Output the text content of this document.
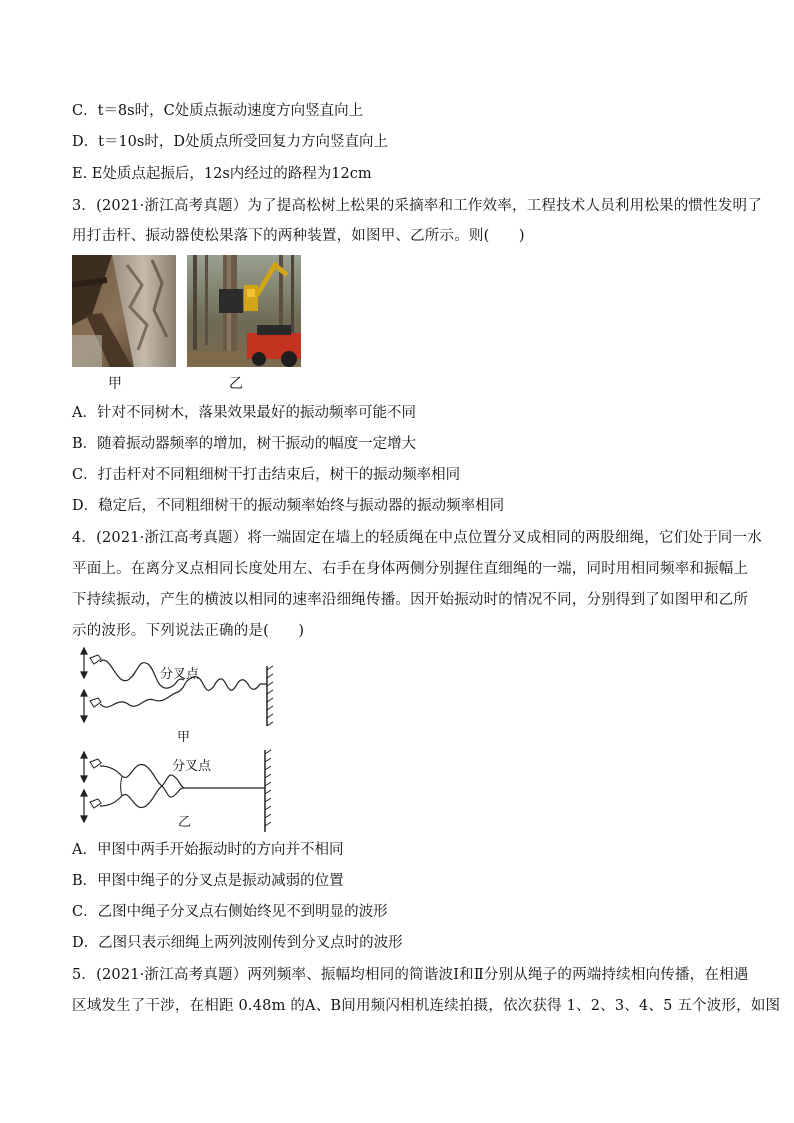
C．t＝8s时，C处质点振动速度方向竖直向上
D．t＝10s时，D处质点所受回复力方向竖直向上
E. E处质点起振后，12s内经过的路程为12cm
3．(2021·浙江高考真题）为了提高松树上松果的采摘率和工作效率，工程技术人员利用松果的惯性发明了
用打击杆、振动器使松果落下的两种装置，如图甲、乙所示。则(　　)
甲	乙
A．针对不同树木，落果效果最好的振动频率可能不同
B．随着振动器频率的增加，树干振动的幅度一定增大
C．打击杆对不同粗细树干打击结束后，树干的振动频率相同
D．稳定后，不同粗细树干的振动频率始终与振动器的振动频率相同
4．(2021·浙江高考真题）将一端固定在墙上的轻质绳在中点位置分叉成相同的两股细绳，它们处于同一水
平面上。在离分叉点相同长度处用左、右手在身体两侧分别握住直细绳的一端，同时用相同频率和振幅上
下持续振动，产生的横波以相同的速率沿细绳传播。因开始振动时的情况不同，分别得到了如图甲和乙所
示的波形。下列说法正确的是(　　)
分叉点
甲
分叉点
乙
A．甲图中两手开始振动时的方向并不相同
B．甲图中绳子的分叉点是振动减弱的位置
C．乙图中绳子分叉点右侧始终见不到明显的波形
D．乙图只表示细绳上两列波刚传到分叉点时的波形
5．(2021·浙江高考真题）两列频率、振幅均相同的简谐波Ⅰ和Ⅱ分别从绳子的两端持续相向传播，在相遇
区域发生了干涉，在相距 0.48m 的A、B间用频闪相机连续拍摄，依次获得 1、2、3、4、5 五个波形，如图
